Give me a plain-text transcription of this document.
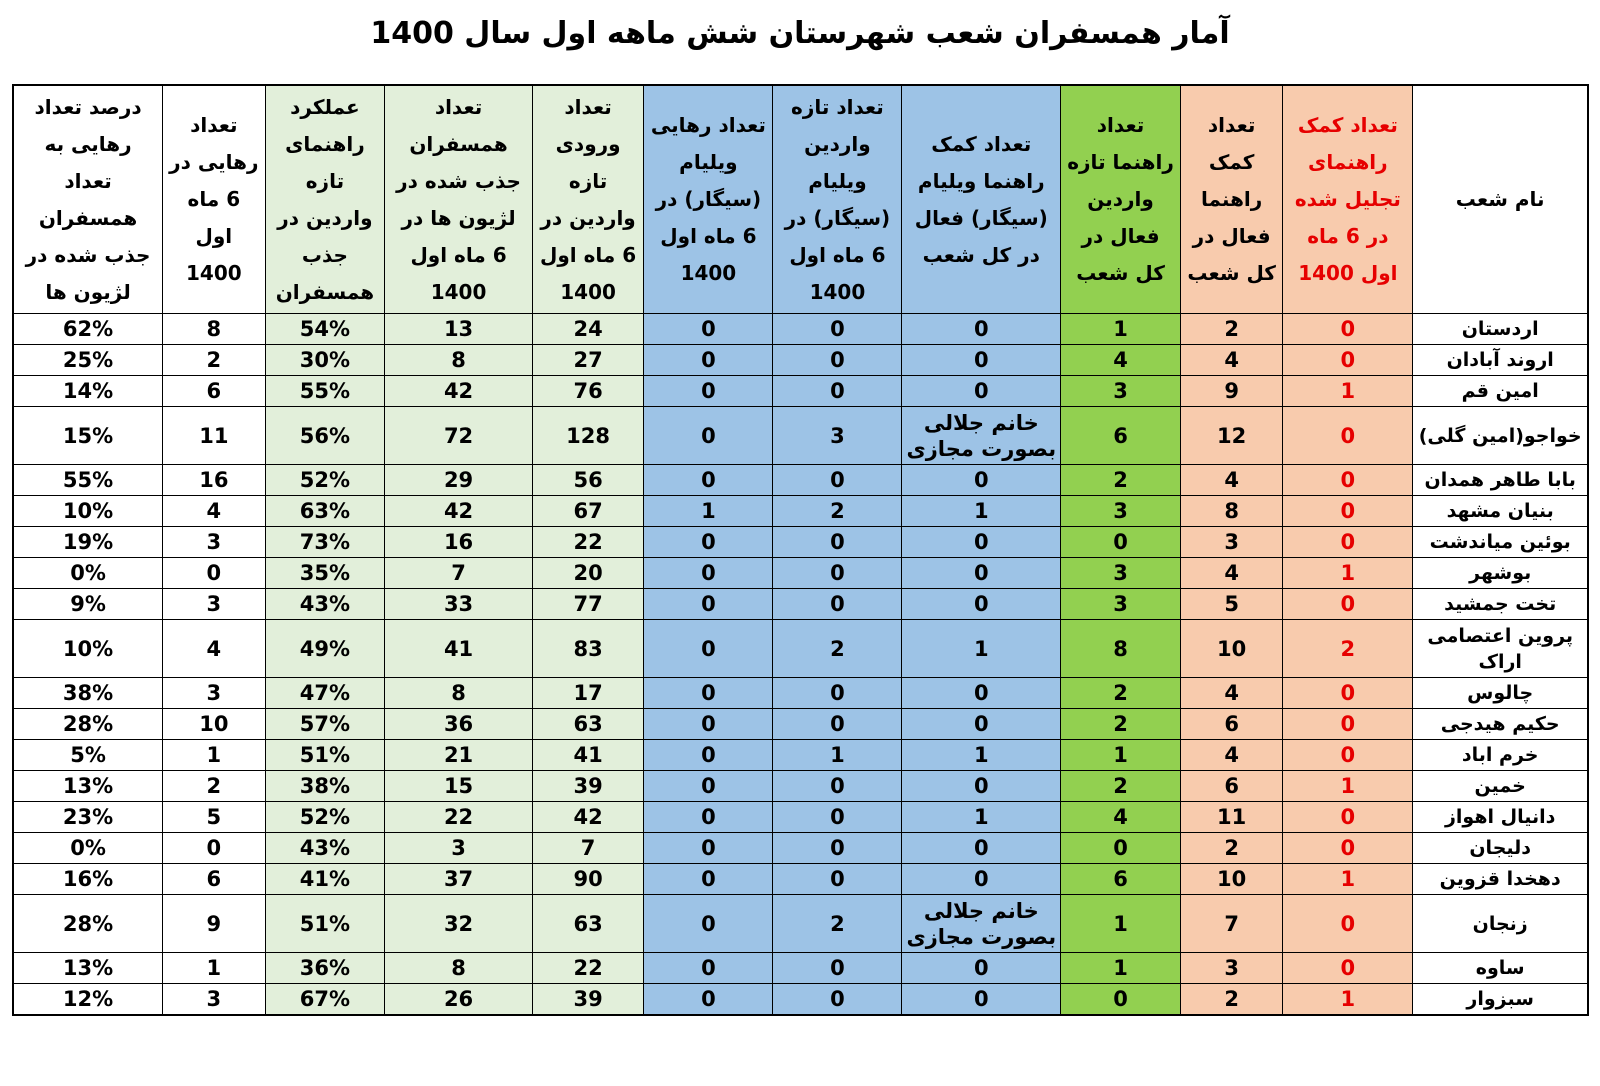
آمار همسفران شعب شهرستان شش ماهه اول سال 1400
نام شعب	تعداد کمک راهنمای تجلیل شده در 6 ماه اول 1400	تعداد کمک راهنما فعال در کل شعب	تعداد راهنما تازه واردین فعال در کل شعب	تعداد کمک راهنما ویلیام (سیگار) فعال در کل شعب	تعداد تازه واردین ویلیام (سیگار) در 6 ماه اول 1400	تعداد رهایی ویلیام (سیگار) در 6 ماه اول 1400	تعداد ورودی تازه واردین در 6 ماه اول 1400	تعداد همسفران جذب شده در لژیون ها در 6 ماه اول 1400	عملکرد راهنمای تازه واردین در جذب همسفران	تعداد رهایی در 6 ماه اول 1400	درصد تعداد رهایی به تعداد همسفران جذب شده در لژیون ها
اردستان	0	2	1	0	0	0	24	13	54%	8	62%
اروند آبادان	0	4	4	0	0	0	27	8	30%	2	25%
امین قم	1	9	3	0	0	0	76	42	55%	6	14%
خواجو(امین گلی)	0	12	6	خانم جلالی بصورت مجازی	3	0	128	72	56%	11	15%
بابا طاهر همدان	0	4	2	0	0	0	56	29	52%	16	55%
بنیان مشهد	0	8	3	1	2	1	67	42	63%	4	10%
بوئین میاندشت	0	3	0	0	0	0	22	16	73%	3	19%
بوشهر	1	4	3	0	0	0	20	7	35%	0	0%
تخت جمشید	0	5	3	0	0	0	77	33	43%	3	9%
پروین اعتصامی اراک	2	10	8	1	2	0	83	41	49%	4	10%
چالوس	0	4	2	0	0	0	17	8	47%	3	38%
حکیم هیدجی	0	6	2	0	0	0	63	36	57%	10	28%
خرم اباد	0	4	1	1	1	0	41	21	51%	1	5%
خمین	1	6	2	0	0	0	39	15	38%	2	13%
دانیال اهواز	0	11	4	1	0	0	42	22	52%	5	23%
دلیجان	0	2	0	0	0	0	7	3	43%	0	0%
دهخدا قزوین	1	10	6	0	0	0	90	37	41%	6	16%
زنجان	0	7	1	خانم جلالی بصورت مجازی	2	0	63	32	51%	9	28%
ساوه	0	3	1	0	0	0	22	8	36%	1	13%
سبزوار	1	2	0	0	0	0	39	26	67%	3	12%
